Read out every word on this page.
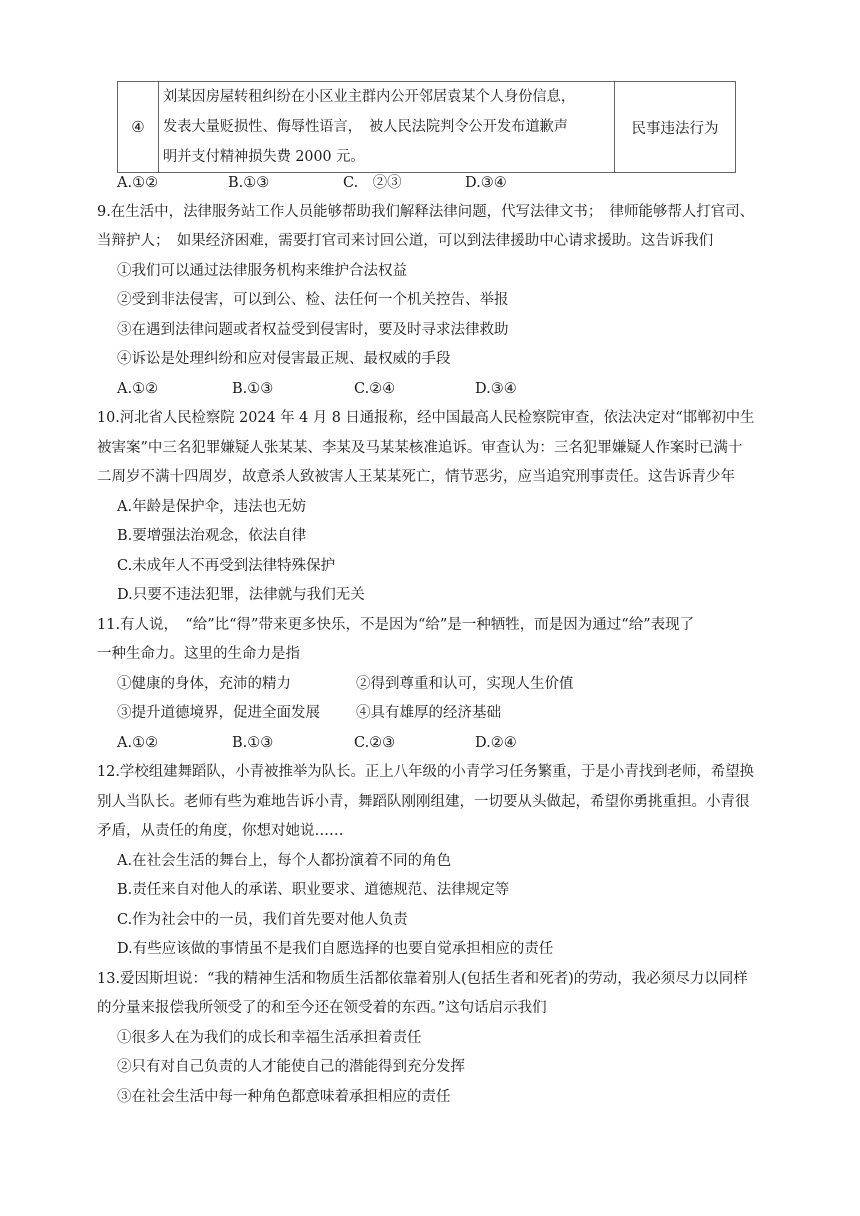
④	
刘某因房屋转租纠纷在小区业主群内公开邻居袁某个人身份信息，
发表大量贬损性、侮辱性语言，　被人民法院判令公开发布道歉声
明并支付精神损失费 2000 元。
	民事违法行为
A.①②	B.①③	C.　②③	D.③④
9.在生活中，法律服务站工作人员能够帮助我们解释法律问题，代写法律文书；　律师能够帮人打官司、
当辩护人；　如果经济困难，需要打官司来讨回公道，可以到法律援助中心请求援助。这告诉我们
①我们可以通过法律服务机构来维护合法权益
②受到非法侵害，可以到公、检、法任何一个机关控告、举报
③在遇到法律问题或者权益受到侵害时，要及时寻求法律救助
④诉讼是处理纠纷和应对侵害最正规、最权威的手段
A.①②	B.①③	C.②④	D.③④
10.河北省人民检察院 2024 年 4 月 8 日通报称，经中国最高人民检察院审查，依法决定对“邯郸初中生
被害案”中三名犯罪嫌疑人张某某、李某及马某某核准追诉。审查认为：三名犯罪嫌疑人作案时已满十
二周岁不满十四周岁，故意杀人致被害人王某某死亡，情节恶劣，应当追究刑事责任。这告诉青少年
A.年龄是保护伞，违法也无妨
B.要增强法治观念，依法自律
C.未成年人不再受到法律特殊保护
D.只要不违法犯罪，法律就与我们无关
11.有人说，　“给”比“得”带来更多快乐，不是因为“给”是一种牺牲，而是因为通过“给”表现了
一种生命力。这里的生命力是指
①健康的身体，充沛的精力	②得到尊重和认可，实现人生价值
③提升道德境界，促进全面发展 ④具有雄厚的经济基础
A.①②	B.①③	C.②③	D.②④
12.学校组建舞蹈队，小青被推举为队长。正上八年级的小青学习任务繁重，于是小青找到老师，希望换
别人当队长。老师有些为难地告诉小青，舞蹈队刚刚组建，一切要从头做起，希望你勇挑重担。小青很
矛盾，从责任的角度，你想对她说……
A.在社会生活的舞台上，每个人都扮演着不同的角色
B.责任来自对他人的承诺、职业要求、道德规范、法律规定等
C.作为社会中的一员，我们首先要对他人负责
D.有些应该做的事情虽不是我们自愿选择的也要自觉承担相应的责任
13.爱因斯坦说：“我的精神生活和物质生活都依靠着别人(包括生者和死者)的劳动，我必须尽力以同样
的分量来报偿我所领受了的和至今还在领受着的东西。”这句话启示我们
①很多人在为我们的成长和幸福生活承担着责任
②只有对自己负责的人才能使自己的潜能得到充分发挥
③在社会生活中每一种角色都意味着承担相应的责任
